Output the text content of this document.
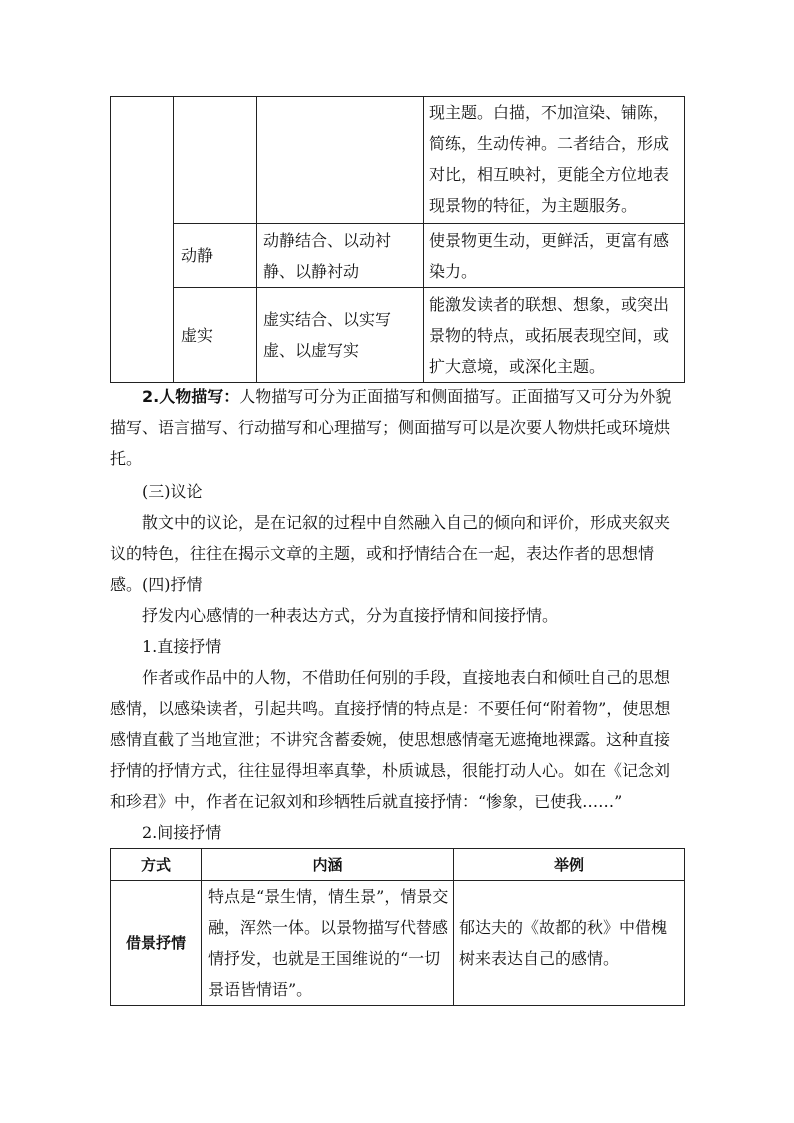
			现主题。白描，不加渲染、铺陈，简练，生动传神。二者结合，形成对比，相互映衬，更能全方位地表现景物的特征，为主题服务。
	动静	动静结合、以动衬静、以静衬动	使景物更生动，更鲜活，更富有感染力。
	虚实	虚实结合、以实写虚、以虚写实	能激发读者的联想、想象，或突出景物的特点，或拓展表现空间，或扩大意境，或深化主题。
2.人物描写：人物描写可分为正面描写和侧面描写。正面描写又可分为外貌描写、语言描写、行动描写和心理描写；侧面描写可以是次要人物烘托或环境烘托。
(三)议论
散文中的议论，是在记叙的过程中自然融入自己的倾向和评价，形成夹叙夹议的特色，往往在揭示文章的主题，或和抒情结合在一起，表达作者的思想情感。 (四)抒情
抒发内心感情的一种表达方式，分为直接抒情和间接抒情。
1.直接抒情
作者或作品中的人物，不借助任何别的手段，直接地表白和倾吐自己的思想感情，以感染读者，引起共鸣。直接抒情的特点是：不要任何“附着物”，使思想感情直截了当地宣泄；不讲究含蓄委婉，使思想感情毫无遮掩地裸露。这种直接抒情的抒情方式，往往显得坦率真挚，朴质诚恳，很能打动人心。如在《记念刘和珍君》中，作者在记叙刘和珍牺牲后就直接抒情：“惨象，已使我……”
2.间接抒情
方式	内涵	举例
借景抒情	特点是“景生情，情生景”，情景交融，浑然一体。以景物描写代替感情抒发，也就是王国维说的“一切景语皆情语”。	郁达夫的《故都的秋》中借槐树来表达自己的感情。
